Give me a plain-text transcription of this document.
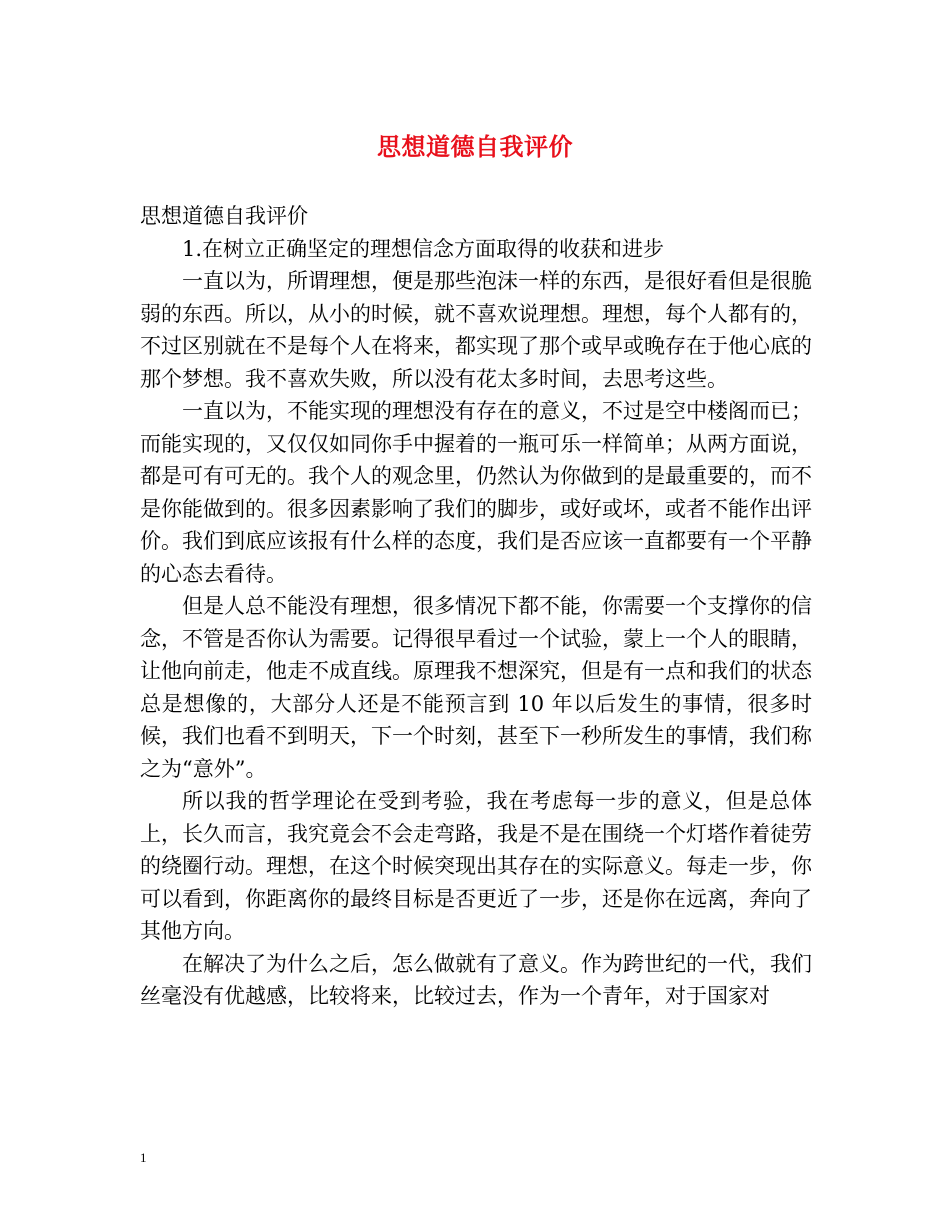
思想道德自我评价

思想道德自我评价

1.在树立正确坚定的理想信念方面取得的收获和进步

一直以为，所谓理想，便是那些泡沫一样的东西，是很好看但是很脆弱的东西。所以，从小的时候，就不喜欢说理想。理想，每个人都有的，不过区别就在不是每个人在将来，都实现了那个或早或晚存在于他心底的那个梦想。我不喜欢失败，所以没有花太多时间，去思考这些。

一直以为，不能实现的理想没有存在的意义，不过是空中楼阁而已；而能实现的，又仅仅如同你手中握着的一瓶可乐一样简单；从两方面说，都是可有可无的。我个人的观念里，仍然认为你做到的是最重要的，而不是你能做到的。很多因素影响了我们的脚步，或好或坏，或者不能作出评价。我们到底应该报有什么样的态度，我们是否应该一直都要有一个平静的心态去看待。

但是人总不能没有理想，很多情况下都不能，你需要一个支撑你的信念，不管是否你认为需要。记得很早看过一个试验，蒙上一个人的眼睛，让他向前走，他走不成直线。原理我不想深究，但是有一点和我们的状态总是想像的，大部分人还是不能预言到 10 年以后发生的事情，很多时候，我们也看不到明天，下一个时刻，甚至下一秒所发生的事情，我们称之为“意外”。

所以我的哲学理论在受到考验，我在考虑每一步的意义，但是总体上，长久而言，我究竟会不会走弯路，我是不是在围绕一个灯塔作着徒劳的绕圈行动。理想，在这个时候突现出其存在的实际意义。每走一步，你可以看到，你距离你的最终目标是否更近了一步，还是你在远离，奔向了其他方向。

在解决了为什么之后，怎么做就有了意义。作为跨世纪的一代，我们丝毫没有优越感，比较将来，比较过去，作为一个青年，对于国家对

1
